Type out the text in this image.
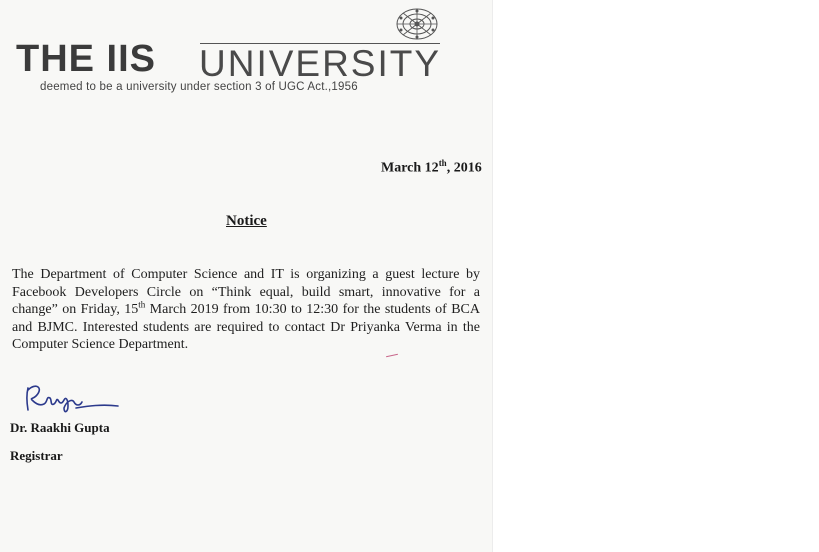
THE IIS UNIVERSITY
deemed to be a university under section 3 of UGC Act.,1956
March 12th, 2016
Notice
The Department of Computer Science and IT is organizing a guest lecture by Facebook Developers Circle on “Think equal, build smart, innovative for a change” on Friday, 15th March 2019 from 10:30 to 12:30 for the students of BCA and BJMC. Interested students are required to contact Dr Priyanka Verma in the Computer Science Department.
Dr. Raakhi Gupta
Registrar
